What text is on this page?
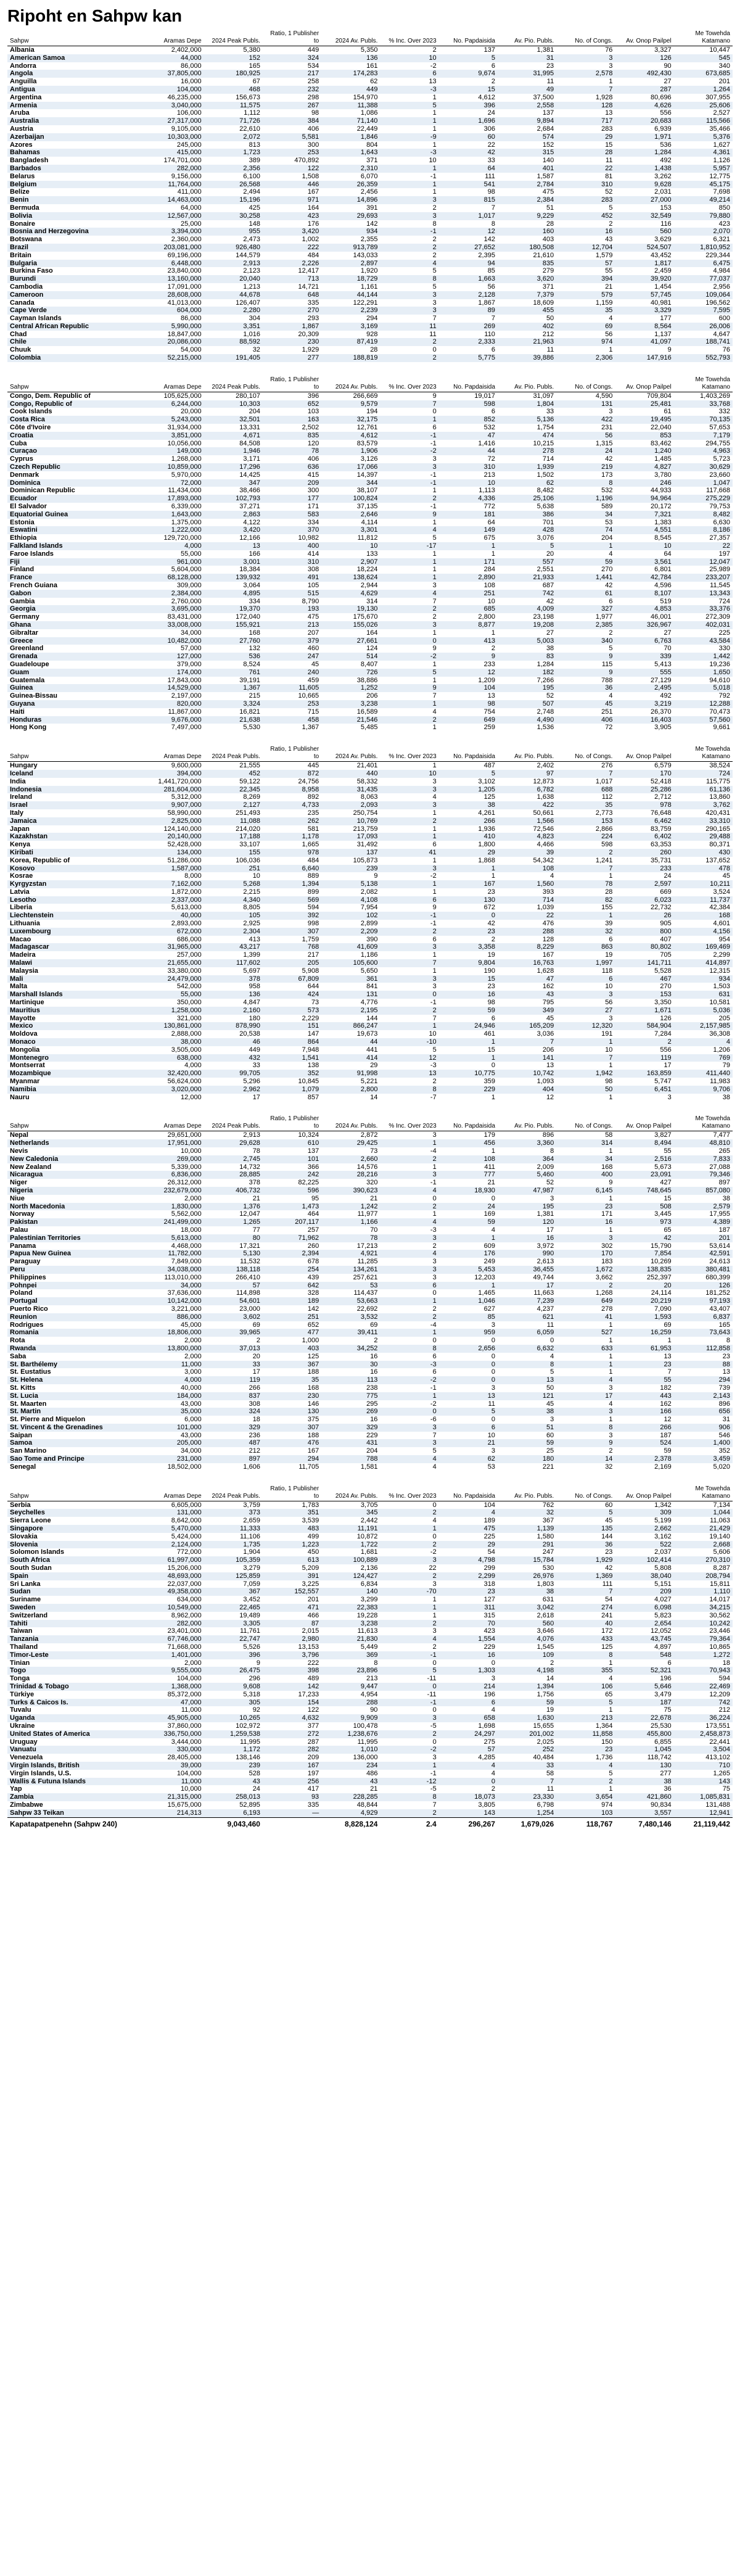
Ripoht en Sahpw kan
Sahpw	Aramas Depe	2024 Peak Publs.	Ratio, 1 Publisher to	2024 Av. Publs.	% Inc. Over 2023	No. Papdaisida	Av. Pio. Publs.	No. of Congs.	Av. Onop Pailpel	Me Towehda Katamano
Albania	2,402,000	5,380	449	5,350	2	137	1,381	76	3,327	10,447
American Samoa	44,000	152	324	136	10	5	31	3	126	545
Andorra	86,000	165	534	161	-2	6	23	3	90	340
Angola	37,805,000	180,925	217	174,283	6	9,674	31,995	2,578	492,430	673,685
Anguilla	16,000	67	258	62	13	2	11	1	27	201
Antigua	104,000	468	232	449	-3	15	49	7	287	1,264
Argentina	46,235,000	156,673	298	154,970	1	4,612	37,500	1,928	80,696	307,955
Armenia	3,040,000	11,575	267	11,388	5	396	2,558	128	4,626	25,606
Aruba	106,000	1,112	98	1,086	1	24	137	13	556	2,527
Australia	27,317,000	71,726	384	71,140	1	1,696	9,894	717	20,683	115,566
Austria	9,105,000	22,610	406	22,449	1	306	2,684	283	6,939	35,466
Azerbaijan	10,303,000	2,072	5,581	1,846	-9	60	574	29	1,971	5,376
Azores	245,000	813	300	804	1	22	152	15	536	1,627
Bahamas	415,000	1,723	253	1,643	-3	42	315	28	1,284	4,361
Bangladesh	174,701,000	389	470,892	371	10	33	140	11	492	1,126
Barbados	282,000	2,356	122	2,310	1	64	401	22	1,438	5,957
Belarus	9,156,000	6,100	1,508	6,070	-1	111	1,587	81	3,262	12,775
Belgium	11,764,000	26,568	446	26,359	1	541	2,784	310	9,628	45,175
Belize	411,000	2,494	167	2,456	1	98	475	52	2,031	7,698
Benin	14,463,000	15,196	971	14,896	3	815	2,384	283	27,000	49,214
Bermuda	64,000	425	164	391	2	7	51	5	153	850
Bolivia	12,567,000	30,258	423	29,693	3	1,017	9,229	452	32,549	79,880
Bonaire	25,000	148	176	142	8	8	28	2	116	423
Bosnia and Herzegovina	3,394,000	955	3,420	934	-1	12	160	16	560	2,070
Botswana	2,360,000	2,473	1,002	2,355	2	142	403	43	3,629	6,321
Brazil	203,081,000	926,480	222	913,789	2	27,652	180,508	12,704	524,507	1,810,952
Britain	69,196,000	144,579	484	143,033	2	2,395	21,610	1,579	43,452	229,344
Bulgaria	6,448,000	2,913	2,226	2,897	4	94	835	57	1,817	6,475
Burkina Faso	23,840,000	2,123	12,417	1,920	5	85	279	55	2,459	4,984
Burundi	13,160,000	20,040	713	18,729	8	1,663	3,620	394	39,920	77,037
Cambodia	17,091,000	1,213	14,721	1,161	5	56	371	21	1,454	2,956
Cameroon	28,608,000	44,678	648	44,144	3	2,128	7,379	579	57,745	109,064
Canada	41,013,000	126,407	335	122,291	3	1,867	18,609	1,159	40,981	196,562
Cape Verde	604,000	2,280	270	2,239	3	89	455	35	3,329	7,595
Cayman Islands	86,000	304	293	294	7	7	50	4	177	600
Central African Republic	5,990,000	3,351	1,867	3,169	11	269	402	69	8,564	26,006
Chad	18,847,000	1,016	20,309	928	11	110	212	56	1,137	4,647
Chile	20,086,000	88,592	230	87,419	2	2,333	21,963	974	41,097	188,741
Chuuk	54,000	32	1,929	28	0	6	11	1	9	76
Colombia	52,215,000	191,405	277	188,819	2	5,775	39,886	2,306	147,916	552,793
Sahpw	Aramas Depe	2024 Peak Publs.	Ratio, 1 Publisher to	2024 Av. Publs.	% Inc. Over 2023	No. Papdaisida	Av. Pio. Publs.	No. of Congs.	Av. Onop Pailpel	Me Towehda Katamano
Congo, Dem. Republic of	105,625,000	280,107	396	266,669	9	19,017	31,097	4,590	709,804	1,403,269
Congo, Republic of	6,244,000	10,303	652	9,579	7	598	1,804	131	25,481	33,768
Cook Islands	20,000	204	103	194	0	6	33	3	61	332
Costa Rica	5,243,000	32,501	163	32,175	1	852	5,136	422	19,495	70,135
Côte d'Ivoire	31,934,000	13,331	2,502	12,761	6	532	1,754	231	22,040	57,653
Croatia	3,851,000	4,671	835	4,612	-1	47	474	56	853	7,179
Cuba	10,056,000	84,508	120	83,579	-1	1,416	10,215	1,315	83,462	294,755
Curaçao	149,000	1,946	78	1,906	-2	44	278	24	1,240	4,963
Cyprus	1,268,000	3,171	406	3,126	3	72	714	42	1,485	5,723
Czech Republic	10,859,000	17,296	636	17,066	3	310	1,939	219	4,827	30,629
Denmark	5,970,000	14,425	415	14,397	-1	213	1,502	173	3,780	23,660
Dominica	72,000	347	209	344	-1	10	62	8	246	1,047
Dominican Republic	11,434,000	38,466	300	38,107	1	1,113	8,482	532	44,933	117,668
Ecuador	17,893,000	102,793	177	100,824	2	4,336	25,106	1,196	94,964	275,229
El Salvador	6,339,000	37,271	171	37,135	-1	772	5,638	589	20,172	79,753
Equatorial Guinea	1,643,000	2,863	583	2,646	9	181	386	34	7,321	8,482
Estonia	1,375,000	4,122	334	4,114	1	64	701	53	1,383	6,630
Eswatini	1,222,000	3,420	370	3,301	4	149	428	74	4,551	8,186
Ethiopia	129,720,000	12,166	10,982	11,812	5	675	3,076	204	8,545	27,357
Falkland Islands	4,000	13	400	10	-17	1	5	1	10	22
Faroe Islands	55,000	166	414	133	1	1	20	4	64	197
Fiji	961,000	3,001	310	2,907	1	171	557	59	3,561	12,047
Finland	5,604,000	18,384	308	18,224	1	284	2,551	270	6,801	25,989
France	68,128,000	139,932	491	138,624	1	2,890	21,933	1,441	42,784	233,207
French Guiana	309,000	3,064	105	2,944	3	108	687	42	4,596	11,545
Gabon	2,384,000	4,895	515	4,629	4	251	742	61	8,107	13,343
Gambia	2,760,000	334	8,790	314	7	10	42	6	519	724
Georgia	3,695,000	19,370	193	19,130	2	685	4,009	327	4,853	33,376
Germany	83,431,000	172,040	475	175,670	2	2,800	23,198	1,977	46,001	272,309
Ghana	33,008,000	155,921	213	155,026	3	8,877	19,208	2,385	326,967	402,031
Gibraltar	34,000	168	207	164	1	1	27	2	27	225
Greece	10,482,000	27,760	379	27,661	0	413	5,003	340	6,763	43,584
Greenland	57,000	132	460	124	9	2	38	5	70	330
Grenada	127,000	536	247	514	-2	9	83	9	339	1,442
Guadeloupe	379,000	8,524	45	8,407	1	233	1,284	115	5,413	19,236
Guam	174,000	761	240	726	5	12	182	9	555	1,650
Guatemala	17,843,000	39,191	459	38,886	1	1,209	7,266	788	27,129	94,610
Guinea	14,529,000	1,367	11,605	1,252	9	104	195	36	2,495	5,018
Guinea-Bissau	2,197,000	215	10,665	206	7	13	52	4	492	792
Guyana	820,000	3,324	253	3,238	1	98	507	45	3,219	12,288
Haiti	11,867,000	16,821	715	16,589	4	754	2,748	251	26,370	70,473
Honduras	9,676,000	21,638	458	21,546	2	649	4,490	406	16,403	57,560
Hong Kong	7,497,000	5,530	1,367	5,485	1	259	1,536	72	3,905	9,661
Sahpw	Aramas Depe	2024 Peak Publs.	Ratio, 1 Publisher to	2024 Av. Publs.	% Inc. Over 2023	No. Papdaisida	Av. Pio. Publs.	No. of Congs.	Av. Onop Pailpel	Me Towehda Katamano
Hungary	9,600,000	21,555	445	21,401	1	487	2,402	276	6,579	38,524
Iceland	394,000	452	872	440	10	5	97	7	170	724
India	1,441,720,000	59,122	24,756	58,332	3	3,102	12,873	1,017	52,418	115,775
Indonesia	281,604,000	22,345	8,958	31,435	3	1,205	6,782	688	25,286	61,136
Ireland	5,312,000	8,269	892	8,063	4	125	1,638	112	2,712	13,860
Israel	9,907,000	2,127	4,733	2,093	3	38	422	35	978	3,762
Italy	58,990,000	251,493	235	250,754	1	4,261	50,661	2,773	76,648	420,431
Jamaica	2,825,000	11,088	262	10,769	2	266	1,566	153	6,462	33,310
Japan	124,140,000	214,020	581	213,759	1	1,936	72,546	2,866	83,759	290,165
Kazakhstan	20,140,000	17,188	1,178	17,093	1	410	4,823	224	6,402	29,488
Kenya	52,428,000	33,107	1,665	31,492	6	1,800	4,466	598	63,353	80,371
Kiribati	134,000	155	978	137	41	29	39	2	260	430
Korea, Republic of	51,286,000	106,036	484	105,873	1	1,868	54,342	1,241	35,731	137,652
Kosovo	1,587,000	251	6,640	239	3	1	108	7	233	478
Kosrae	8,000	10	889	9	-2	1	4	1	24	45
Kyrgyzstan	7,162,000	5,268	1,394	5,138	1	167	1,560	78	2,597	10,211
Latvia	1,872,000	2,215	899	2,082	1	23	393	28	669	3,524
Lesotho	2,337,000	4,340	569	4,108	6	130	714	82	6,023	11,737
Liberia	5,613,000	8,805	594	7,954	9	672	1,039	155	22,732	42,384
Liechtenstein	40,000	105	392	102	-1	0	22	1	26	168
Lithuania	2,893,000	2,925	998	2,899	-1	42	476	39	905	4,601
Luxembourg	672,000	2,304	307	2,209	2	23	288	32	800	4,156
Macao	686,000	413	1,759	390	6	2	128	6	407	954
Madagascar	31,965,000	43,217	768	41,609	3	3,358	8,229	863	80,802	169,469
Madeira	257,000	1,399	217	1,186	1	19	167	19	705	2,299
Malawi	21,655,000	117,602	205	105,600	7	9,804	16,763	1,997	141,711	414,897
Malaysia	33,380,000	5,697	5,908	5,650	1	190	1,628	118	5,528	12,315
Mali	24,479,000	378	67,809	361	3	15	47	6	467	934
Malta	542,000	958	644	841	3	23	162	10	270	1,503
Marshall Islands	55,000	136	424	131	0	16	43	3	153	631
Martinique	350,000	4,847	73	4,776	-1	98	795	56	3,350	10,581
Mauritius	1,258,000	2,160	573	2,195	2	59	349	27	1,671	5,036
Mayotte	321,000	180	2,229	144	7	6	45	3	126	205
Mexico	130,861,000	878,990	151	866,247	1	24,946	165,209	12,320	584,904	2,157,985
Moldova	2,888,000	20,538	147	19,673	10	461	3,036	191	7,284	36,308
Monaco	38,000	46	864	44	-10	1	7	1	2	4
Mongolia	3,505,000	449	7,948	441	5	15	206	10	556	1,206
Montenegro	638,000	432	1,541	414	12	1	141	7	119	769
Montserrat	4,000	33	138	29	-3	0	13	1	17	79
Mozambique	32,420,000	99,705	352	91,998	13	10,775	10,742	1,942	163,859	411,440
Myanmar	56,624,000	5,296	10,845	5,221	2	359	1,093	98	5,747	11,983
Namibia	3,020,000	2,962	1,079	2,800	8	229	404	50	6,451	9,706
Nauru	12,000	17	857	14	-7	1	12	1	3	38
Sahpw	Aramas Depe	2024 Peak Publs.	Ratio, 1 Publisher to	2024 Av. Publs.	% Inc. Over 2023	No. Papdaisida	Av. Pio. Publs.	No. of Congs.	Av. Onop Pailpel	Me Towehda Katamano
Nepal	29,651,000	2,913	10,324	2,872	3	179	896	58	3,827	7,477
Netherlands	17,951,000	29,628	610	29,425	1	456	3,360	314	8,494	48,810
Nevis	10,000	78	137	73	-4	1	8	1	55	265
New Caledonia	269,000	2,745	101	2,660	2	108	364	34	2,516	7,833
New Zealand	5,339,000	14,732	366	14,576	1	411	2,009	168	5,673	27,088
Nicaragua	6,836,000	28,885	242	28,216	3	777	5,460	400	23,091	79,346
Niger	26,312,000	378	82,225	320	-1	21	52	9	427	897
Nigeria	232,679,000	406,732	596	390,623	4	18,930	47,987	6,145	748,645	857,080
Niue	2,000	21	95	21	0	0	3	1	15	38
North Macedonia	1,830,000	1,376	1,473	1,242	2	24	195	23	508	2,579
Norway	5,562,000	12,047	464	11,977	1	169	1,381	171	3,445	17,955
Pakistan	241,499,000	1,265	207,117	1,166	4	59	120	16	973	4,389
Palau	18,000	77	257	70	-3	4	17	1	65	187
Palestinian Territories	5,613,000	80	71,962	78	3	1	16	3	42	201
Panama	4,468,000	17,321	260	17,213	2	609	3,972	302	15,790	53,614
Papua New Guinea	11,782,000	5,130	2,394	4,921	4	176	990	170	7,854	42,591
Paraguay	7,849,000	11,532	678	11,285	3	249	2,613	183	10,269	24,613
Peru	34,038,000	138,118	254	134,261	3	5,453	36,455	1,672	138,835	380,481
Philippines	113,010,000	266,410	439	257,621	3	12,203	49,744	3,662	252,397	680,399
Pohnpei	34,000	57	642	53	6	1	17	2	20	126
Poland	37,636,000	114,898	328	114,437	0	1,465	11,663	1,268	24,114	181,252
Portugal	10,142,000	54,601	189	53,663	1	1,046	7,239	649	20,219	97,193
Puerto Rico	3,221,000	23,000	142	22,692	2	627	4,237	278	7,090	43,407
Reunion	886,000	3,602	251	3,532	2	85	621	41	1,593	6,837
Rodrigues	45,000	69	652	69	-4	3	11	1	69	165
Romania	18,806,000	39,965	477	39,411	1	959	6,059	527	16,259	73,643
Rota	2,000	2	1,000	2	0	0	0	1	1	8
Rwanda	13,800,000	37,013	403	34,252	8	2,656	6,632	633	61,953	112,858
Saba	2,000	20	125	16	6	0	4	1	13	23
St. Barthélemy	11,000	33	367	30	-3	0	8	1	23	88
St. Eustatius	3,000	17	188	16	6	0	5	1	7	13
St. Helena	4,000	119	35	113	-2	0	13	4	55	294
St. Kitts	40,000	266	168	238	-1	3	50	3	182	739
St. Lucia	184,000	837	230	775	1	13	121	17	443	2,143
St. Maarten	43,000	308	146	295	-2	11	45	4	162	896
St. Martin	35,000	324	130	269	0	5	38	3	166	656
St. Pierre and Miquelon	6,000	18	375	16	-6	0	3	1	12	31
St. Vincent & the Grenadines	101,000	329	307	329	3	6	51	8	266	906
Saipan	43,000	236	188	229	7	10	60	3	187	546
Samoa	205,000	487	476	431	3	21	59	9	524	1,400
San Marino	34,000	212	167	204	5	3	25	2	59	352
Sao Tome and Principe	231,000	897	294	788	4	62	180	14	2,378	3,459
Senegal	18,502,000	1,606	11,705	1,581	4	53	221	32	2,169	5,020
Sahpw	Aramas Depe	2024 Peak Publs.	Ratio, 1 Publisher to	2024 Av. Publs.	% Inc. Over 2023	No. Papdaisida	Av. Pio. Publs.	No. of Congs.	Av. Onop Pailpel	Me Towehda Katamano
Serbia	6,605,000	3,759	1,783	3,705	0	104	762	60	1,342	7,134
Seychelles	131,000	373	351	345	2	4	32	5	309	1,044
Sierra Leone	8,642,000	2,659	3,539	2,442	4	189	367	45	5,199	11,063
Singapore	5,470,000	11,333	483	11,191	1	475	1,139	135	2,662	21,429
Slovakia	5,424,000	11,106	499	10,872	0	225	1,580	144	3,162	19,140
Slovenia	2,124,000	1,735	1,223	1,722	2	29	291	36	522	2,668
Solomon Islands	772,000	1,904	450	1,681	-2	54	247	23	2,037	5,606
South Africa	61,997,000	105,359	613	100,889	3	4,798	15,784	1,929	102,414	270,310
South Sudan	15,206,000	3,279	5,209	2,136	22	299	530	42	5,808	8,287
Spain	48,693,000	125,859	391	124,427	2	2,299	26,976	1,369	38,040	208,794
Sri Lanka	22,037,000	7,059	3,225	6,834	3	318	1,803	111	5,151	15,811
Sudan	49,358,000	367	152,557	140	-70	23	38	7	209	1,110
Suriname	634,000	3,452	201	3,299	1	127	631	54	4,027	14,017
Sweden	10,549,000	22,465	471	22,383	1	311	3,042	274	6,098	34,215
Switzerland	8,962,000	19,489	466	19,228	1	315	2,618	241	5,823	30,562
Tahiti	282,000	3,305	87	3,238	2	70	560	40	2,654	10,242
Taiwan	23,401,000	11,761	2,015	11,613	3	423	3,646	172	12,052	23,446
Tanzania	67,746,000	22,747	2,980	21,830	4	1,554	4,076	433	43,745	79,364
Thailand	71,668,000	5,526	13,153	5,449	2	229	1,545	125	4,897	10,865
Timor-Leste	1,401,000	396	3,796	369	-1	16	109	8	548	1,272
Tinian	2,000	9	222	8	0	0	2	1	6	18
Togo	9,555,000	26,475	398	23,896	5	1,303	4,198	355	52,321	70,943
Tonga	104,000	296	489	213	-11	3	14	4	196	594
Trinidad & Tobago	1,368,000	9,608	142	9,447	0	214	1,394	106	5,646	22,469
Türkiye	85,372,000	5,318	17,233	4,954	-11	196	1,756	65	3,479	12,209
Turks & Caicos Is.	47,000	305	154	288	-1	6	59	5	187	742
Tuvalu	11,000	92	122	90	0	4	19	1	75	212
Uganda	45,905,000	10,265	4,632	9,909	3	658	1,630	213	22,678	36,224
Ukraine	37,860,000	102,972	377	100,478	-5	1,698	15,655	1,364	25,530	173,551
United States of America	336,750,000	1,259,538	272	1,238,676	2	24,297	201,002	11,858	455,800	2,458,873
Uruguay	3,444,000	11,995	287	11,995	0	275	2,025	150	6,855	22,441
Vanuatu	330,000	1,172	282	1,010	-2	57	252	23	1,045	3,504
Venezuela	28,405,000	138,146	209	136,000	3	4,285	40,484	1,736	118,742	413,102
Virgin Islands, British	39,000	239	167	234	1	4	33	4	130	710
Virgin Islands, U.S.	104,000	528	197	486	-1	4	58	5	277	1,265
Wallis & Futuna Islands	11,000	43	256	43	-12	0	7	2	38	143
Yap	10,000	24	417	21	-5	2	11	1	36	75
Zambia	21,315,000	258,013	93	228,285	8	18,073	23,330	3,654	421,860	1,085,831
Zimbabwe	15,675,000	52,895	335	48,844	7	3,805	6,798	974	90,834	131,488
Sahpw 33 Teikan	214,313	6,193	—	4,929	2	143	1,254	103	3,557	12,941
Kapatapatpenehn (Sahpw 240)		9,043,460		8,828,124	2.4	296,267	1,679,026	118,767	7,480,146	21,119,442
